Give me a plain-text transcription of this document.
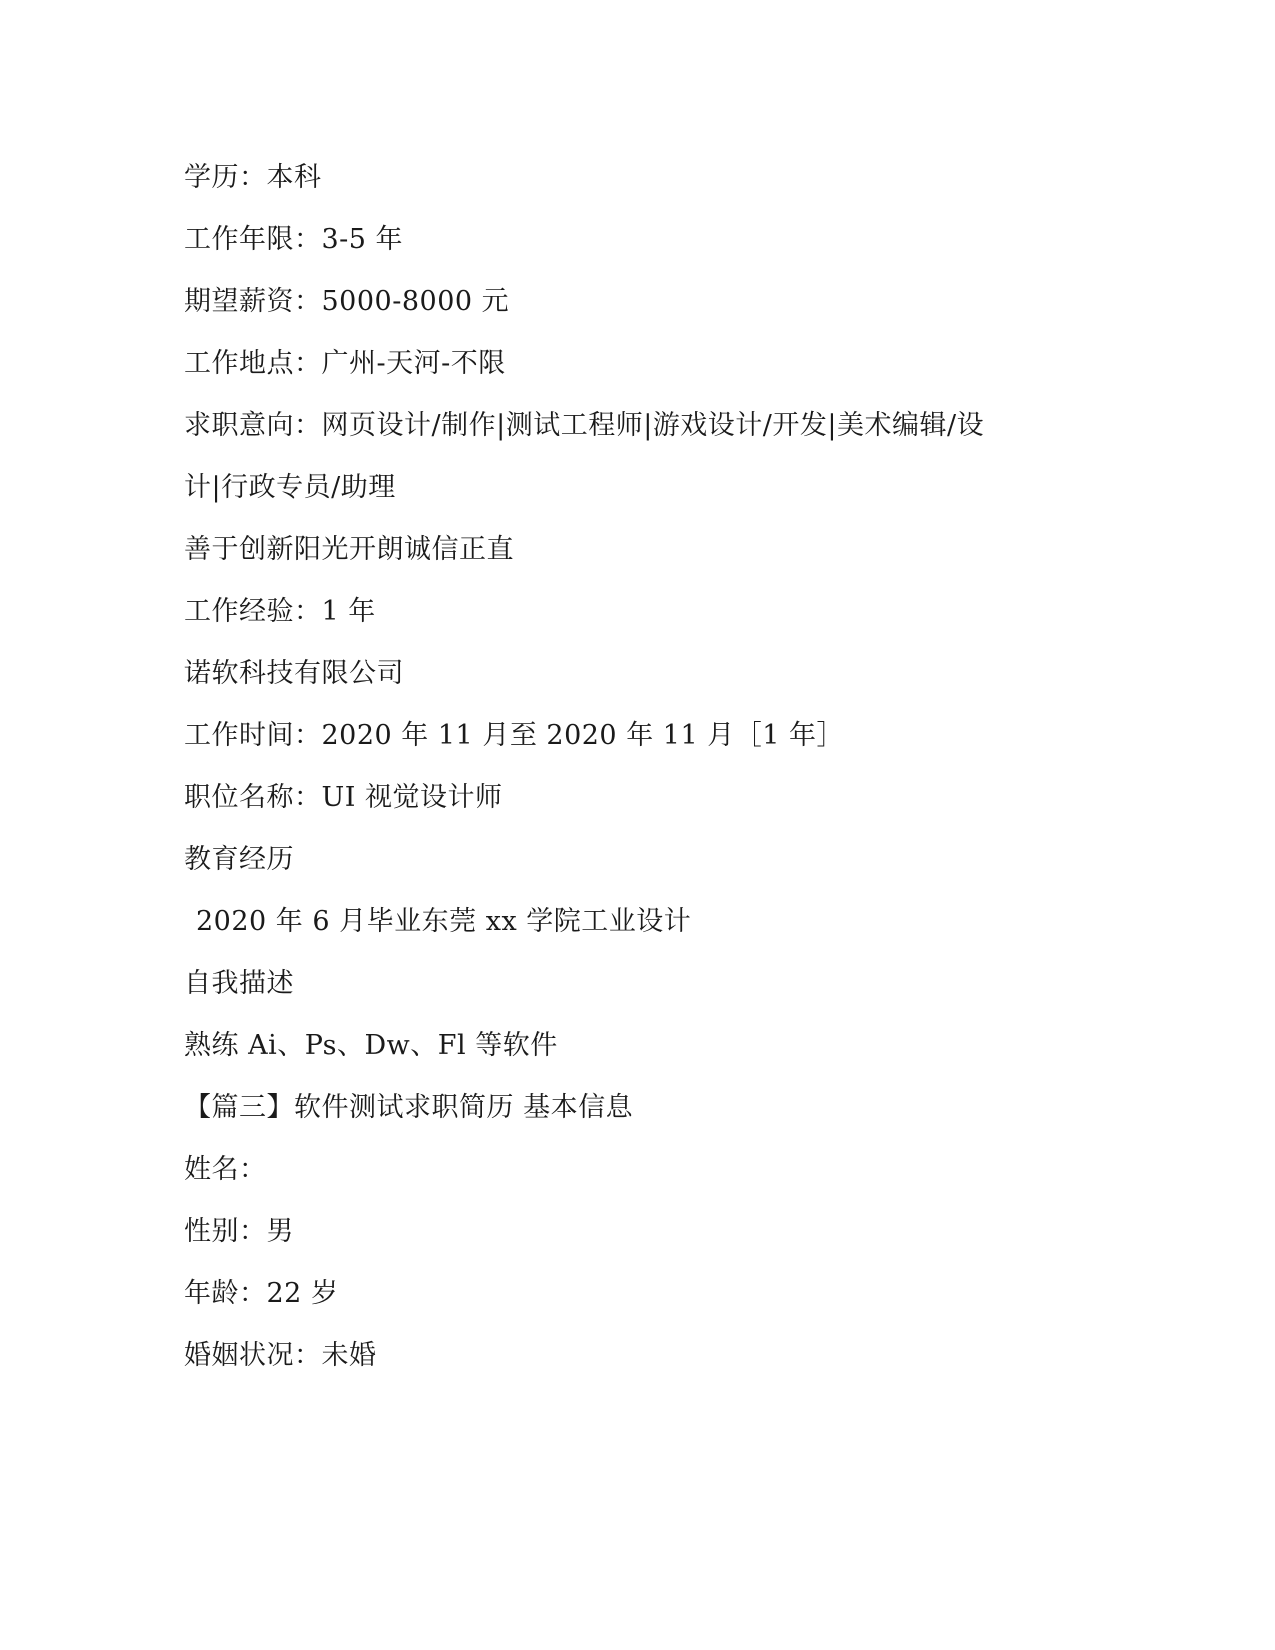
学历：本科
工作年限：3-5 年
期望薪资：5000-8000 元
工作地点：广州-天河-不限
求职意向：网页设计/制作|测试工程师|游戏设计/开发|美术编辑/设
计|行政专员/助理
善于创新阳光开朗诚信正直
工作经验：1 年
诺软科技有限公司
工作时间：2020 年 11 月至 2020 年 11 月［1 年］
职位名称：UI 视觉设计师
教育经历
2020 年 6 月毕业东莞 xx 学院工业设计
自我描述
熟练 Ai、Ps、Dw、Fl 等软件
【篇三】软件测试求职简历 基本信息
姓名：
性别：男
年龄：22 岁
婚姻状况：未婚
